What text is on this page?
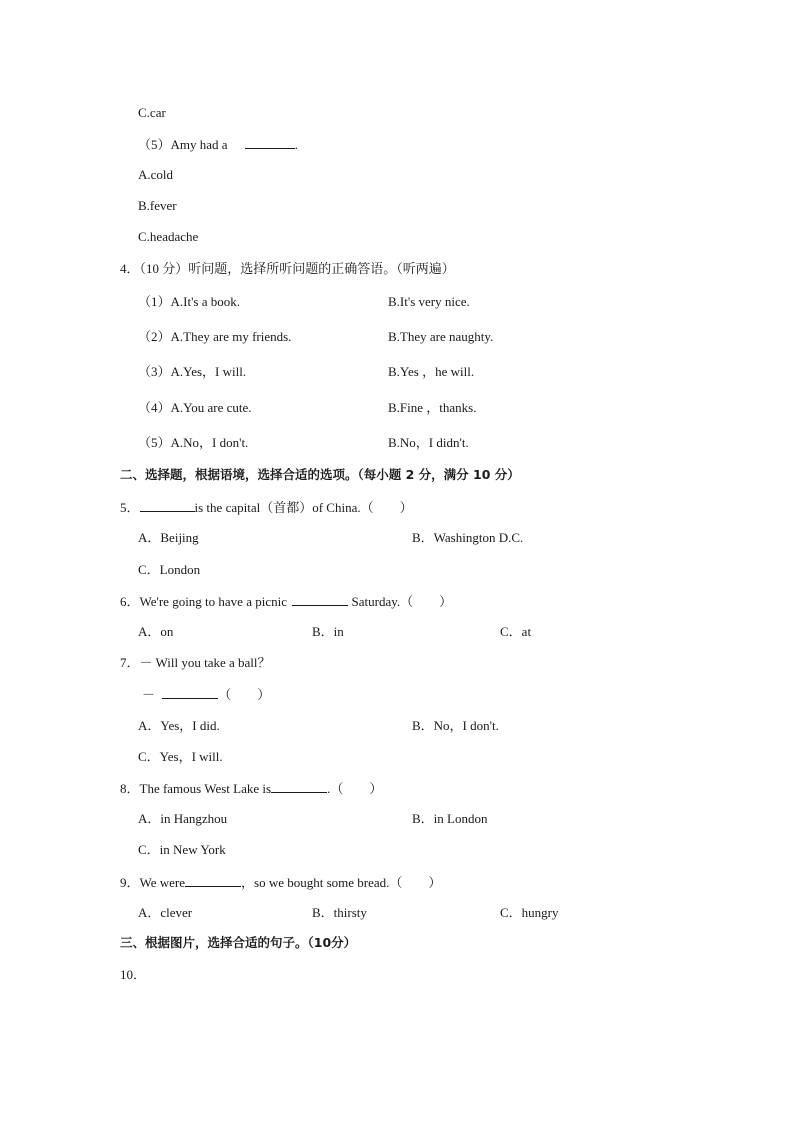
C.car
（5）Amy had a	.
A.cold
B.fever
C.headache
4．（10 分）听问题，选择所听问题的正确答语。（听两遍）
（1）A.It's a book.	B.It's very nice.
（2）A.They are my friends.	B.They are naughty.
（3）A.Yes，I will.	B.Yes ，he will.
（4）A.You are cute.	B.Fine ，thanks.
（5）A.No，I don't.	B.No，I didn't.
二、选择题，根据语境，选择合适的选项。（每小题 2 分，满分 10 分）
5．	is the capital（首都）of China.（　　）
A．Beijing	B．Washington D.C.
C．London
6．We're going to have a picnic	Saturday.（　　）
A．on	B．in	C．at
7．－ Will you take a ball？
－	（　　）
A．Yes，I did.	B．No，I don't.
C．Yes，I will.
8．The famous West Lake is	.（　　）
A．in Hangzhou	B．in London
C．in New York
9．We were	，so we bought some bread.（　　）
A．clever	B．thirsty	C．hungry
三、根据图片，选择合适的句子。（10分）
10．
